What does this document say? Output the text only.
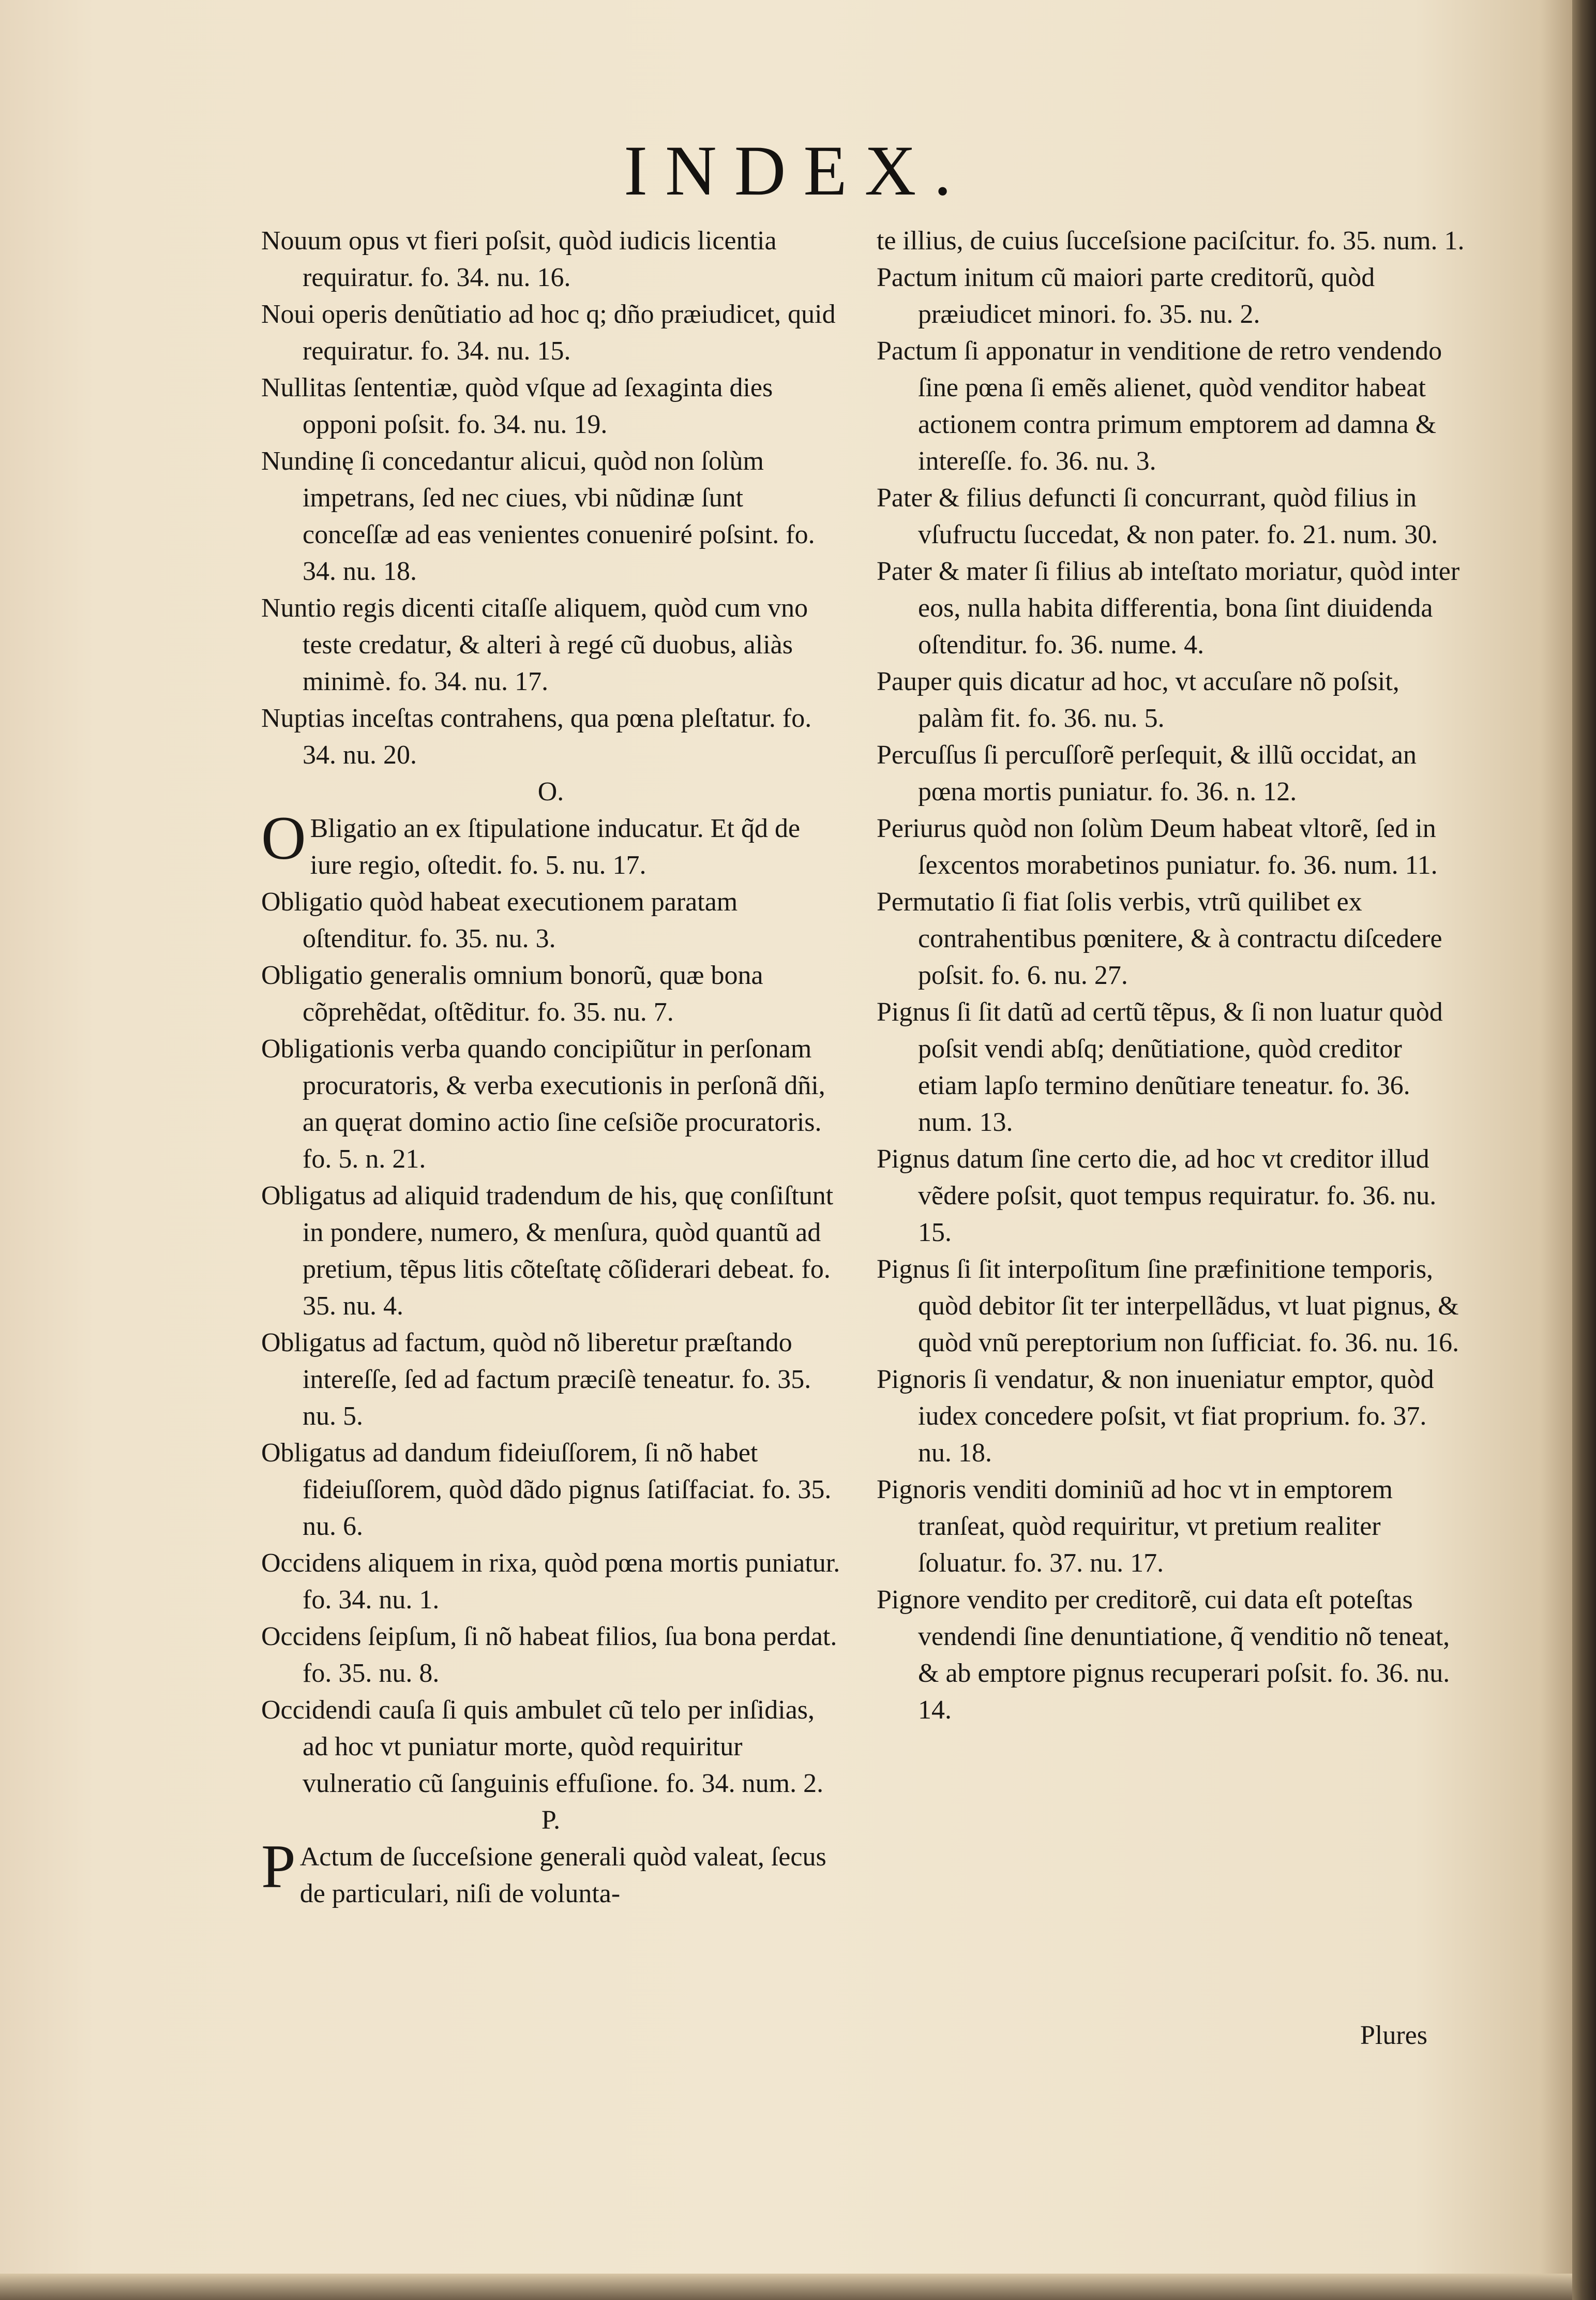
INDEX.

Nouum opus vt fieri poſsit, quòd iudicis licentia requiratur. fo. 34. nu. 16.

Noui operis denũtiatio ad hoc q; dño præiudicet, quid requiratur. fo. 34. nu. 15.

Nullitas ſententiæ, quòd vſque ad ſexaginta dies opponi poſsit. fo. 34. nu. 19.

Nundinę ſi concedantur alicui, quòd non ſolùm impetrans, ſed nec ciues, vbi nũdinæ ſunt conceſſæ ad eas venientes conueniré poſsint. fo. 34. nu. 18.

Nuntio regis dicenti citaſſe aliquem, quòd cum vno teste credatur, & alteri à regé cũ duobus, aliàs minimè. fo. 34. nu. 17.

Nuptias inceſtas contrahens, qua pœna pleſtatur. fo. 34. nu. 20.

O.

OBligatio an ex ſtipulatione inducatur. Et q̃d de iure regio, oſtedit. fo. 5. nu. 17.

Obligatio quòd habeat executionem paratam oſtenditur. fo. 35. nu. 3.

Obligatio generalis omnium bonorũ, quæ bona cõprehẽdat, oſtẽditur. fo. 35. nu. 7.

Obligationis verba quando concipiũtur in perſonam procuratoris, & verba executionis in perſonã dñi, an quęrat domino actio ſine ceſsiõe procuratoris. fo. 5. n. 21.

Obligatus ad aliquid tradendum de his, quę conſiſtunt in pondere, numero, & menſura, quòd quantũ ad pretium, tẽpus litis cõteſtatę cõſiderari debeat. fo. 35. nu. 4.

Obligatus ad factum, quòd nõ liberetur præſtando intereſſe, ſed ad factum præciſè teneatur. fo. 35. nu. 5.

Obligatus ad dandum fideiuſſorem, ſi nõ habet fideiuſſorem, quòd dãdo pignus ſatiſfaciat. fo. 35. nu. 6.

Occidens aliquem in rixa, quòd pœna mortis puniatur. fo. 34. nu. 1.

Occidens ſeipſum, ſi nõ habeat filios, ſua bona perdat. fo. 35. nu. 8.

Occidendi cauſa ſi quis ambulet cũ telo per inſidias, ad hoc vt puniatur morte, quòd requiritur vulneratio cũ ſanguinis effuſione. fo. 34. num. 2.

P.

PActum de ſucceſsione generali quòd valeat, ſecus de particulari, niſi de volunta-

te illius, de cuius ſucceſsione paciſcitur. fo. 35. num. 1.

Pactum initum cũ maiori parte creditorũ, quòd præiudicet minori. fo. 35. nu. 2.

Pactum ſi apponatur in venditione de retro vendendo ſine pœna ſi emẽs alienet, quòd venditor habeat actionem contra primum emptorem ad damna & intereſſe. fo. 36. nu. 3.

Pater & filius defuncti ſi concurrant, quòd filius in vſufructu ſuccedat, & non pater. fo. 21. num. 30.

Pater & mater ſi filius ab inteſtato moriatur, quòd inter eos, nulla habita differentia, bona ſint diuidenda oſtenditur. fo. 36. nume. 4.

Pauper quis dicatur ad hoc, vt accuſare nõ poſsit, palàm fit. fo. 36. nu. 5.

Percuſſus ſi percuſſorẽ perſequit, & illũ occidat, an pœna mortis puniatur. fo. 36. n. 12.

Periurus quòd non ſolùm Deum habeat vltorẽ, ſed in ſexcentos morabetinos puniatur. fo. 36. num. 11.

Permutatio ſi fiat ſolis verbis, vtrũ quilibet ex contrahentibus pœnitere, & à contractu diſcedere poſsit. fo. 6. nu. 27.

Pignus ſi ſit datũ ad certũ tẽpus, & ſi non luatur quòd poſsit vendi abſq; denũtiatione, quòd creditor etiam lapſo termino denũtiare teneatur. fo. 36. num. 13.

Pignus datum ſine certo die, ad hoc vt creditor illud vẽdere poſsit, quot tempus requiratur. fo. 36. nu. 15.

Pignus ſi ſit interpoſitum ſine præfinitione temporis, quòd debitor ſit ter interpellãdus, vt luat pignus, & quòd vnũ pereptorium non ſufficiat. fo. 36. nu. 16.

Pignoris ſi vendatur, & non inueniatur emptor, quòd iudex concedere poſsit, vt fiat proprium. fo. 37. nu. 18.

Pignoris venditi dominiũ ad hoc vt in emptorem tranſeat, quòd requiritur, vt pretium realiter ſoluatur. fo. 37. nu. 17.

Pignore vendito per creditorẽ, cui data eſt poteſtas vendendi ſine denuntiatione, q̃ venditio nõ teneat, & ab emptore pignus recuperari poſsit. fo. 36. nu. 14.

Plures
